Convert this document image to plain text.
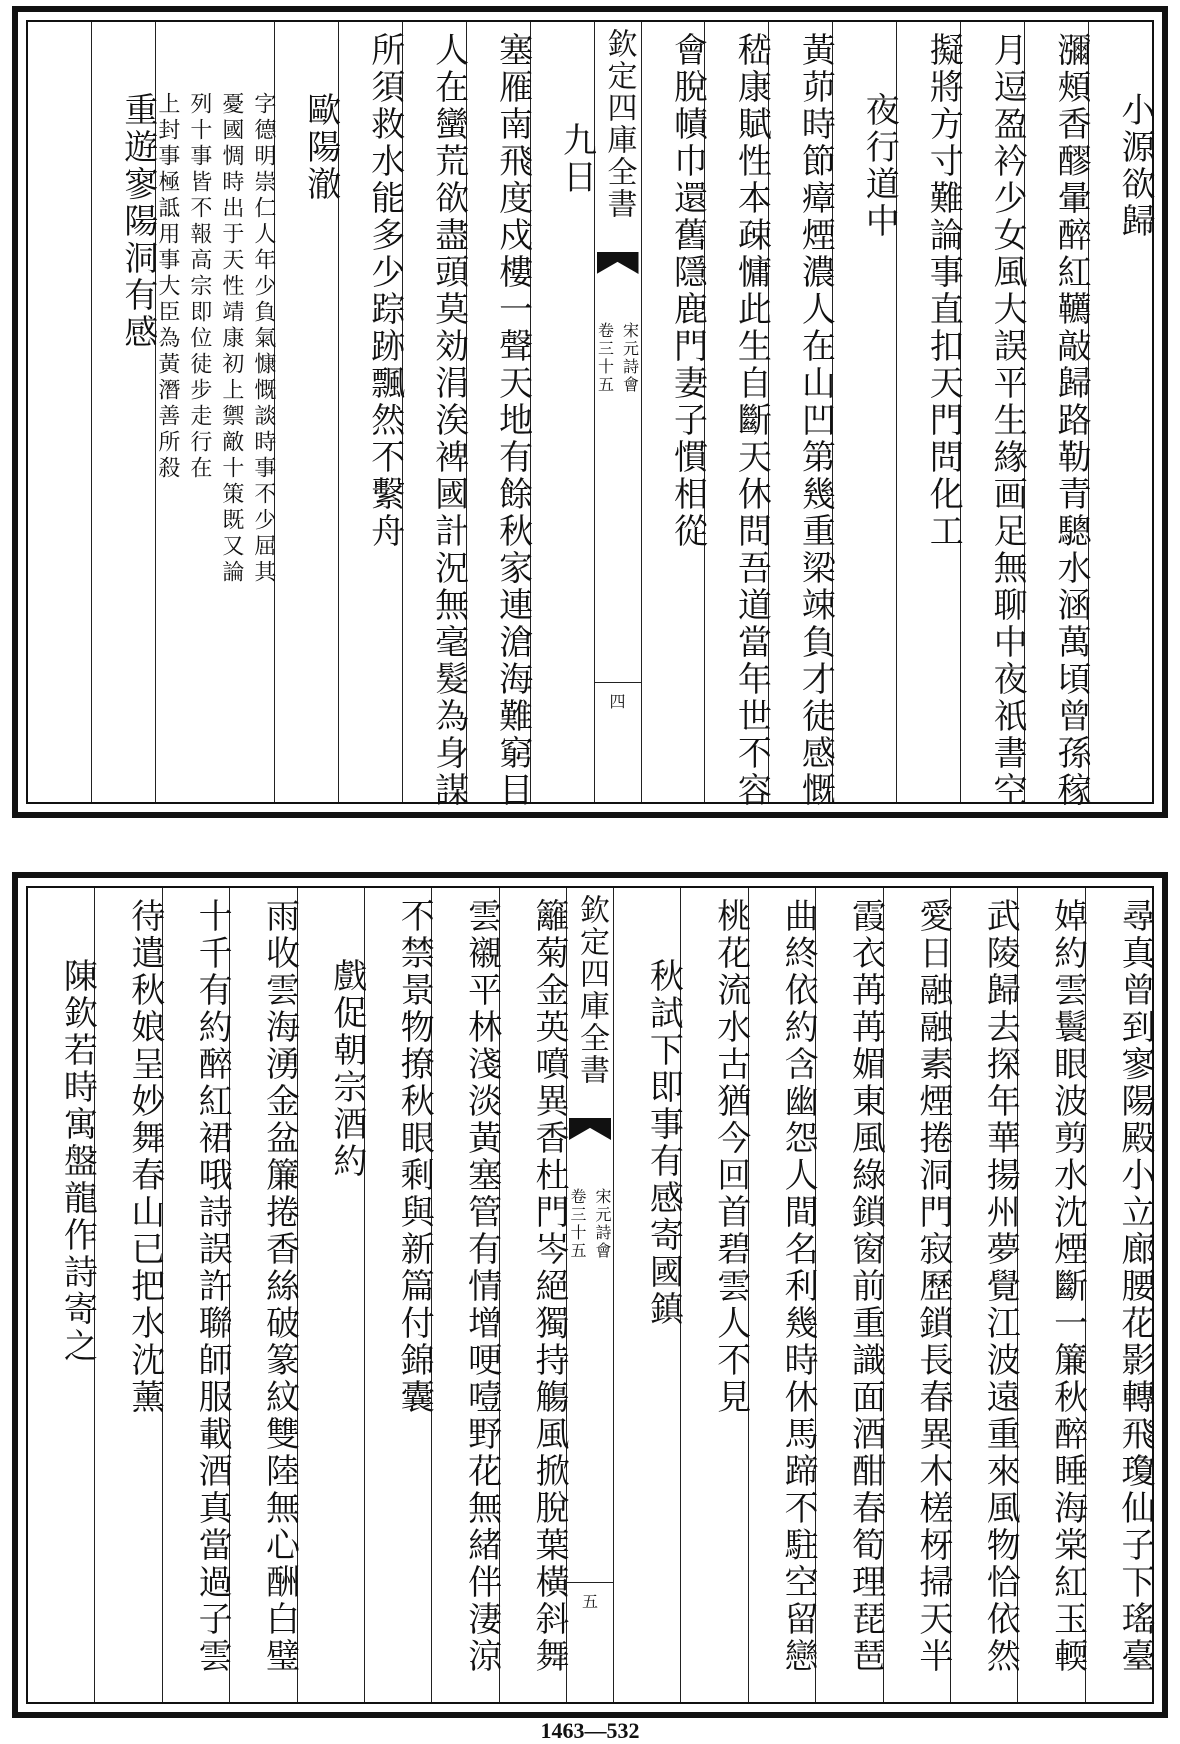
小源欲歸
瀰頰香醪暈醉紅韉敲歸路勒青驄水涵萬頃曾孫稼
月逗盈衿少女風大誤平生緣画足無聊中夜祇書空
擬將方寸難論事直扣天門問化工
夜行道中
黃茆時節瘴煙濃人在山凹第幾重梁竦負才徒感慨
嵇康賦性本疎慵此生自斷天休問吾道當年世不容
會脫幘巾還舊隱鹿門妻子慣相從
欽定四庫全書
宋元詩會
卷三十五
四
九日
塞雁南飛度戍樓一聲天地有餘秋家連滄海難窮目
人在蠻荒欲盡頭莫効涓涘裨國計況無毫髮為身謀
所須救水能多少踪跡飄然不繫舟
歐陽澈
字德明崇仁人年少負氣慷慨談時事不少屈其
憂國惆時出于天性靖康初上禦敵十策既又論
列十事皆不報高宗即位徒步走行在
上封事極詆用事大臣為黃潛善所殺
重遊寥陽洞有感
尋真曾到寥陽殿小立廊腰花影轉飛瓊仙子下瑤臺
婥約雲鬟眼波剪水沈煙斷一簾秋醉睡海棠紅玉輭
武陵歸去探年華揚州夢覺江波遠重來風物恰依然
愛日融融素煙捲洞門寂歷鎖長春異木槎枒掃天半
霞衣苒苒媚東風綠鎖窗前重識面酒酣春筍理琵琶
曲終依約含幽怨人間名利幾時休馬蹄不駐空留戀
桃花流水古猶今回首碧雲人不見
秋試下即事有感寄國鎮
欽定四庫全書
宋元詩會
卷三十五
五
籬菊金英噴異香杜門岑絕獨持觴風掀脫葉橫斜舞
雲襯平林淺淡黃塞管有情增哽噎野花無緒伴淒涼
不禁景物撩秋眼剩與新篇付錦囊
戲促朝宗酒約
雨收雲海湧金盆簾捲香絲破篆紋雙陸無心酬白璧
十千有約醉紅裙哦詩誤許聯師服載酒真當過子雲
待遣秋娘呈妙舞春山已把水沈薰
陳欽若時寓盤龍作詩寄之
1463—532
